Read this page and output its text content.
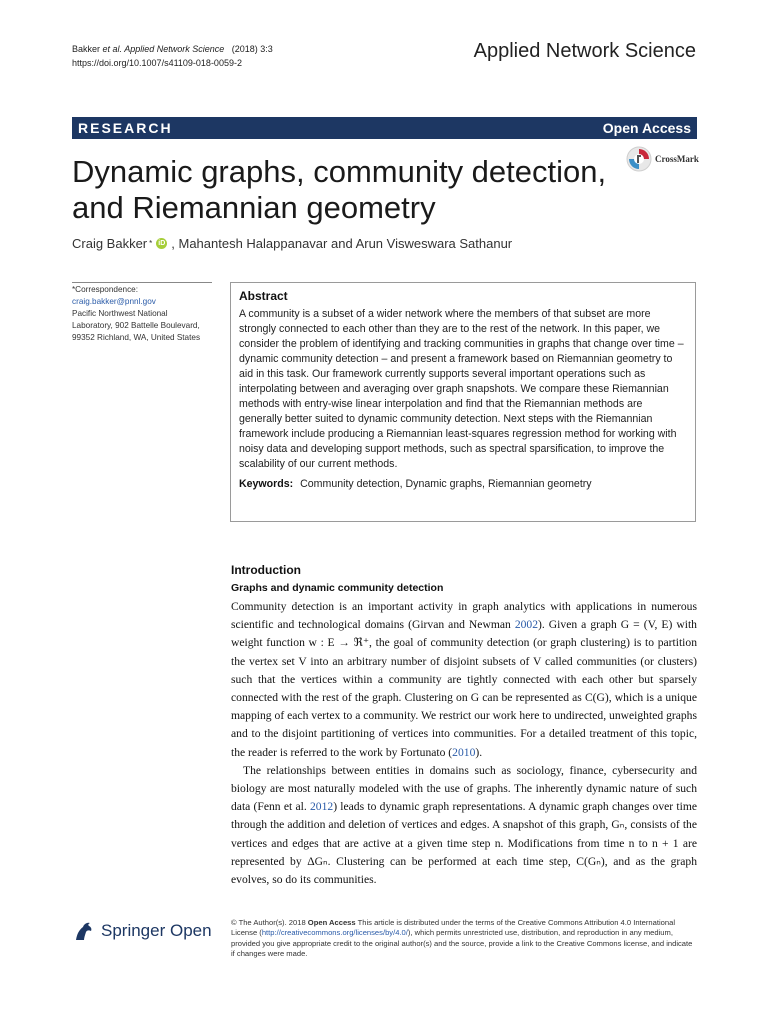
Bakker et al. Applied Network Science (2018) 3:3
https://doi.org/10.1007/s41109-018-0059-2
Applied Network Science
RESEARCH	Open Access
CrossMark
Dynamic graphs, community detection,
and Riemannian geometry
Craig Bakker * iD , Mahantesh Halappanavar and Arun Visweswara Sathanur
*Correspondence:
craig.bakker@pnnl.gov
Pacific Northwest National
Laboratory, 902 Battelle Boulevard,
99352 Richland, WA, United States
Abstract
A community is a subset of a wider network where the members of that subset are more strongly connected to each other than they are to the rest of the network. In this paper, we consider the problem of identifying and tracking communities in graphs that change over time – dynamic community detection – and present a framework based on Riemannian geometry to aid in this task. Our framework currently supports several important operations such as interpolating between and averaging over graph snapshots. We compare these Riemannian methods with entry-wise linear interpolation and find that the Riemannian methods are generally better suited to dynamic community detection. Next steps with the Riemannian framework include producing a Riemannian least-squares regression method for working with noisy data and developing support methods, such as spectral sparsification, to improve the scalability of our current methods.
Keywords: Community detection, Dynamic graphs, Riemannian geometry
Introduction
Graphs and dynamic community detection

Community detection is an important activity in graph analytics with applications in numerous scientific and technological domains (Girvan and Newman 2002). Given a graph G = (V, E) with weight function w : E → ℜ⁺, the goal of community detection (or graph clustering) is to partition the vertex set V into an arbitrary number of disjoint subsets of V called communities (or clusters) such that the vertices within a community are tightly connected with each other but sparsely connected with the rest of the graph. Clustering on G can be represented as C(G), which is a unique mapping of each vertex to a community. We restrict our work here to undirected, unweighted graphs and to the disjoint partitioning of vertices into communities. For a detailed treatment of this topic, the reader is referred to the work by Fortunato (2010).

The relationships between entities in domains such as sociology, finance, cybersecurity and biology are most naturally modeled with the use of graphs. The inherently dynamic nature of such data (Fenn et al. 2012) leads to dynamic graph representations. A dynamic graph changes over time through the addition and deletion of vertices and edges. A snapshot of this graph, Gₙ, consists of the vertices and edges that are active at a given time step n. Modifications from time n to n + 1 are represented by ΔGₙ. Clustering can be performed at each time step, C(Gₙ), and as the graph evolves, so do its communities.

Springer Open	© The Author(s). 2018 Open Access This article is distributed under the terms of the Creative Commons Attribution 4.0 International License (http://creativecommons.org/licenses/by/4.0/), which permits unrestricted use, distribution, and reproduction in any medium, provided you give appropriate credit to the original author(s) and the source, provide a link to the Creative Commons license, and indicate if changes were made.
